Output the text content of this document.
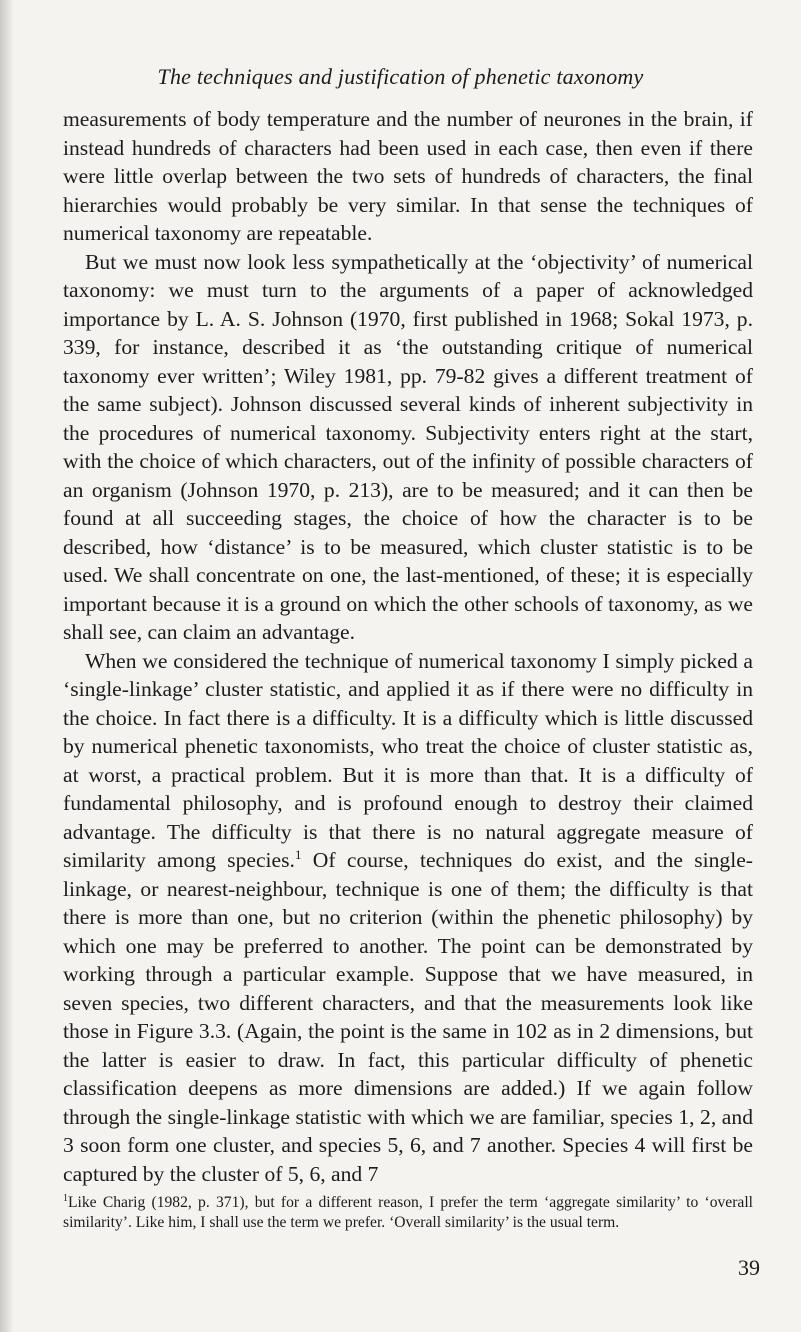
The techniques and justification of phenetic taxonomy

measurements of body temperature and the number of neurones in the brain, if instead hundreds of characters had been used in each case, then even if there were little overlap between the two sets of hundreds of characters, the final hierarchies would probably be very similar. In that sense the techniques of numerical taxonomy are repeatable.

But we must now look less sympathetically at the ‘objectivity’ of numerical taxonomy: we must turn to the arguments of a paper of acknowledged importance by L. A. S. Johnson (1970, first published in 1968; Sokal 1973, p. 339, for instance, described it as ‘the outstanding critique of numerical taxonomy ever written’; Wiley 1981, pp. 79-82 gives a different treatment of the same subject). Johnson discussed several kinds of inherent subjectivity in the procedures of numerical taxonomy. Subjectivity enters right at the start, with the choice of which characters, out of the infinity of possible characters of an organism (Johnson 1970, p. 213), are to be measured; and it can then be found at all succeeding stages, the choice of how the character is to be described, how ‘distance’ is to be measured, which cluster statistic is to be used. We shall concentrate on one, the last-mentioned, of these; it is especially important because it is a ground on which the other schools of taxonomy, as we shall see, can claim an advantage.

When we considered the technique of numerical taxonomy I simply picked a ‘single-linkage’ cluster statistic, and applied it as if there were no difficulty in the choice. In fact there is a difficulty. It is a difficulty which is little discussed by numerical phenetic taxonomists, who treat the choice of cluster statistic as, at worst, a practical problem. But it is more than that. It is a difficulty of fundamental philosophy, and is profound enough to destroy their claimed advantage. The difficulty is that there is no natural aggregate measure of similarity among species.$^1$ Of course, techniques do exist, and the single-linkage, or nearest-neighbour, technique is one of them; the difficulty is that there is more than one, but no criterion (within the phenetic philosophy) by which one may be preferred to another. The point can be demonstrated by working through a particular example. Suppose that we have measured, in seven species, two different characters, and that the measurements look like those in Figure 3.3. (Again, the point is the same in 102 as in 2 dimensions, but the latter is easier to draw. In fact, this particular difficulty of phenetic classification deepens as more dimensions are added.) If we again follow through the single-linkage statistic with which we are familiar, species 1, 2, and 3 soon form one cluster, and species 5, 6, and 7 another. Species 4 will first be captured by the cluster of 5, 6, and 7

$^1$Like Charig (1982, p. 371), but for a different reason, I prefer the term ‘aggregate similarity’ to ‘overall similarity’. Like him, I shall use the term we prefer. ‘Overall similarity’ is the usual term.

39
